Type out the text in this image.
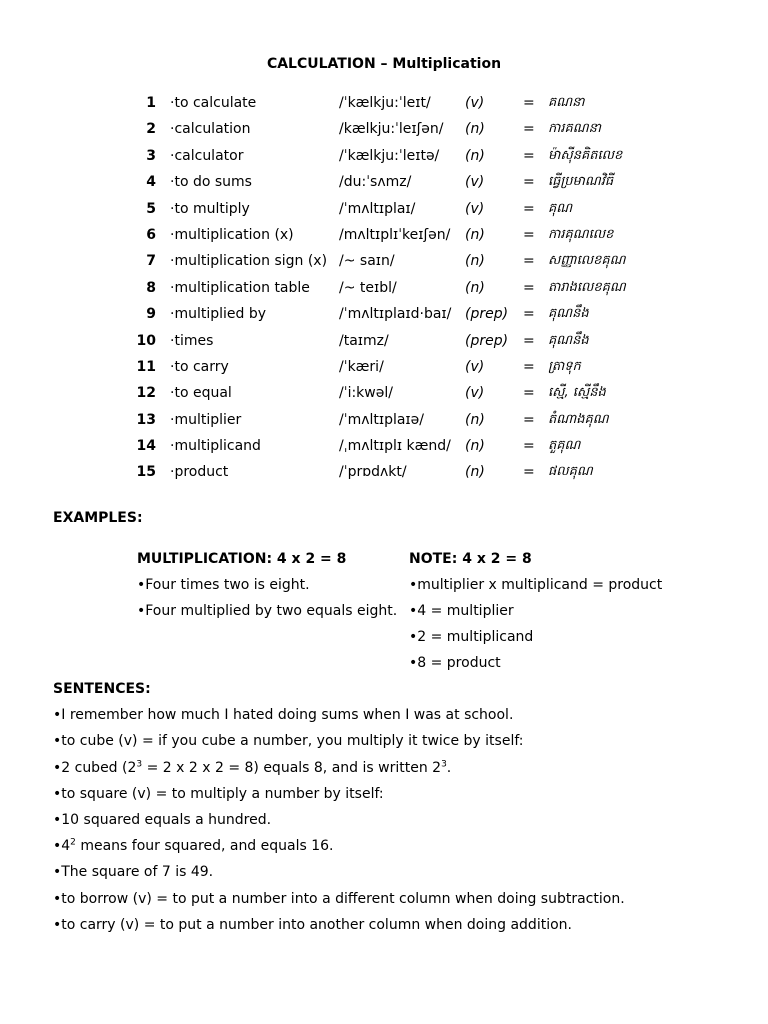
CALCULATION – Multiplication
1 ·to calculate	/ˈkælkju:ˈleɪt/ (v)	= គណនា
2 ·calculation	/kælkju:ˈleɪʃən/ (n)	= ការគណនា
3 ·calculator	/ˈkælkju:ˈleɪtə/ (n)	= ម៉ាស៊ីនគិតលេខ
4 ·to do sums	/du:ˈsʌmz/	(v)	= ធ្វើប្រមាណវិធី
5 ·to multiply	/ˈmʌltɪplaɪ/	(v)	= គុណ
6 ·multiplication (x)	/mʌltɪplɪˈkeɪʃən/ (n)	= ការគុណលេខ
7 ·multiplication sign (x) /~ saɪn/	(n)	= សញ្ញាលេខគុណ
8 ·multiplication table /~ teɪbl/	(n)	= តារាងលេខគុណ
9 ·multiplied by	/ˈmʌltɪplaɪd·baɪ/ (prep) = គុណនឹង
10 ·times	/taɪmz/	(prep) = គុណនឹង
11 ·to carry	/ˈkæri/	(v)	= ត្រាទុក
12 ·to equal	/ˈi:kwəl/	(v)	= ស្មើ, ស្មើនឹង
13 ·multiplier	/ˈmʌltɪplaɪə/	(n)	= តំណាងគុណ
14 ·multiplicand	/ˌmʌltɪplɪ kænd/ (n)	= តួគុណ
15 ·product	/ˈprɒdʌkt/	(n)	= ផលគុណ
EXAMPLES:
MULTIPLICATION: 4 x 2 = 8
•Four times two is eight.
•Four multiplied by two equals eight.
NOTE: 4 x 2 = 8
•multiplier x multiplicand = product
•4 = multiplier
•2 = multiplicand
•8 = product
SENTENCES:
•I remember how much I hated doing sums when I was at school.
•to cube (v) = if you cube a number, you multiply it twice by itself:
•2 cubed ($2^3 = 2$ x 2 x 2 = 8) equals 8, and is written $2^3$.
•to square (v) = to multiply a number by itself:
•10 squared equals a hundred.
$•4^2$ means four squared, and equals 16.
•The square of 7 is 49.
•to borrow (v) = to put a number into a different column when doing subtraction.
•to carry (v) = to put a number into another column when doing addition.
